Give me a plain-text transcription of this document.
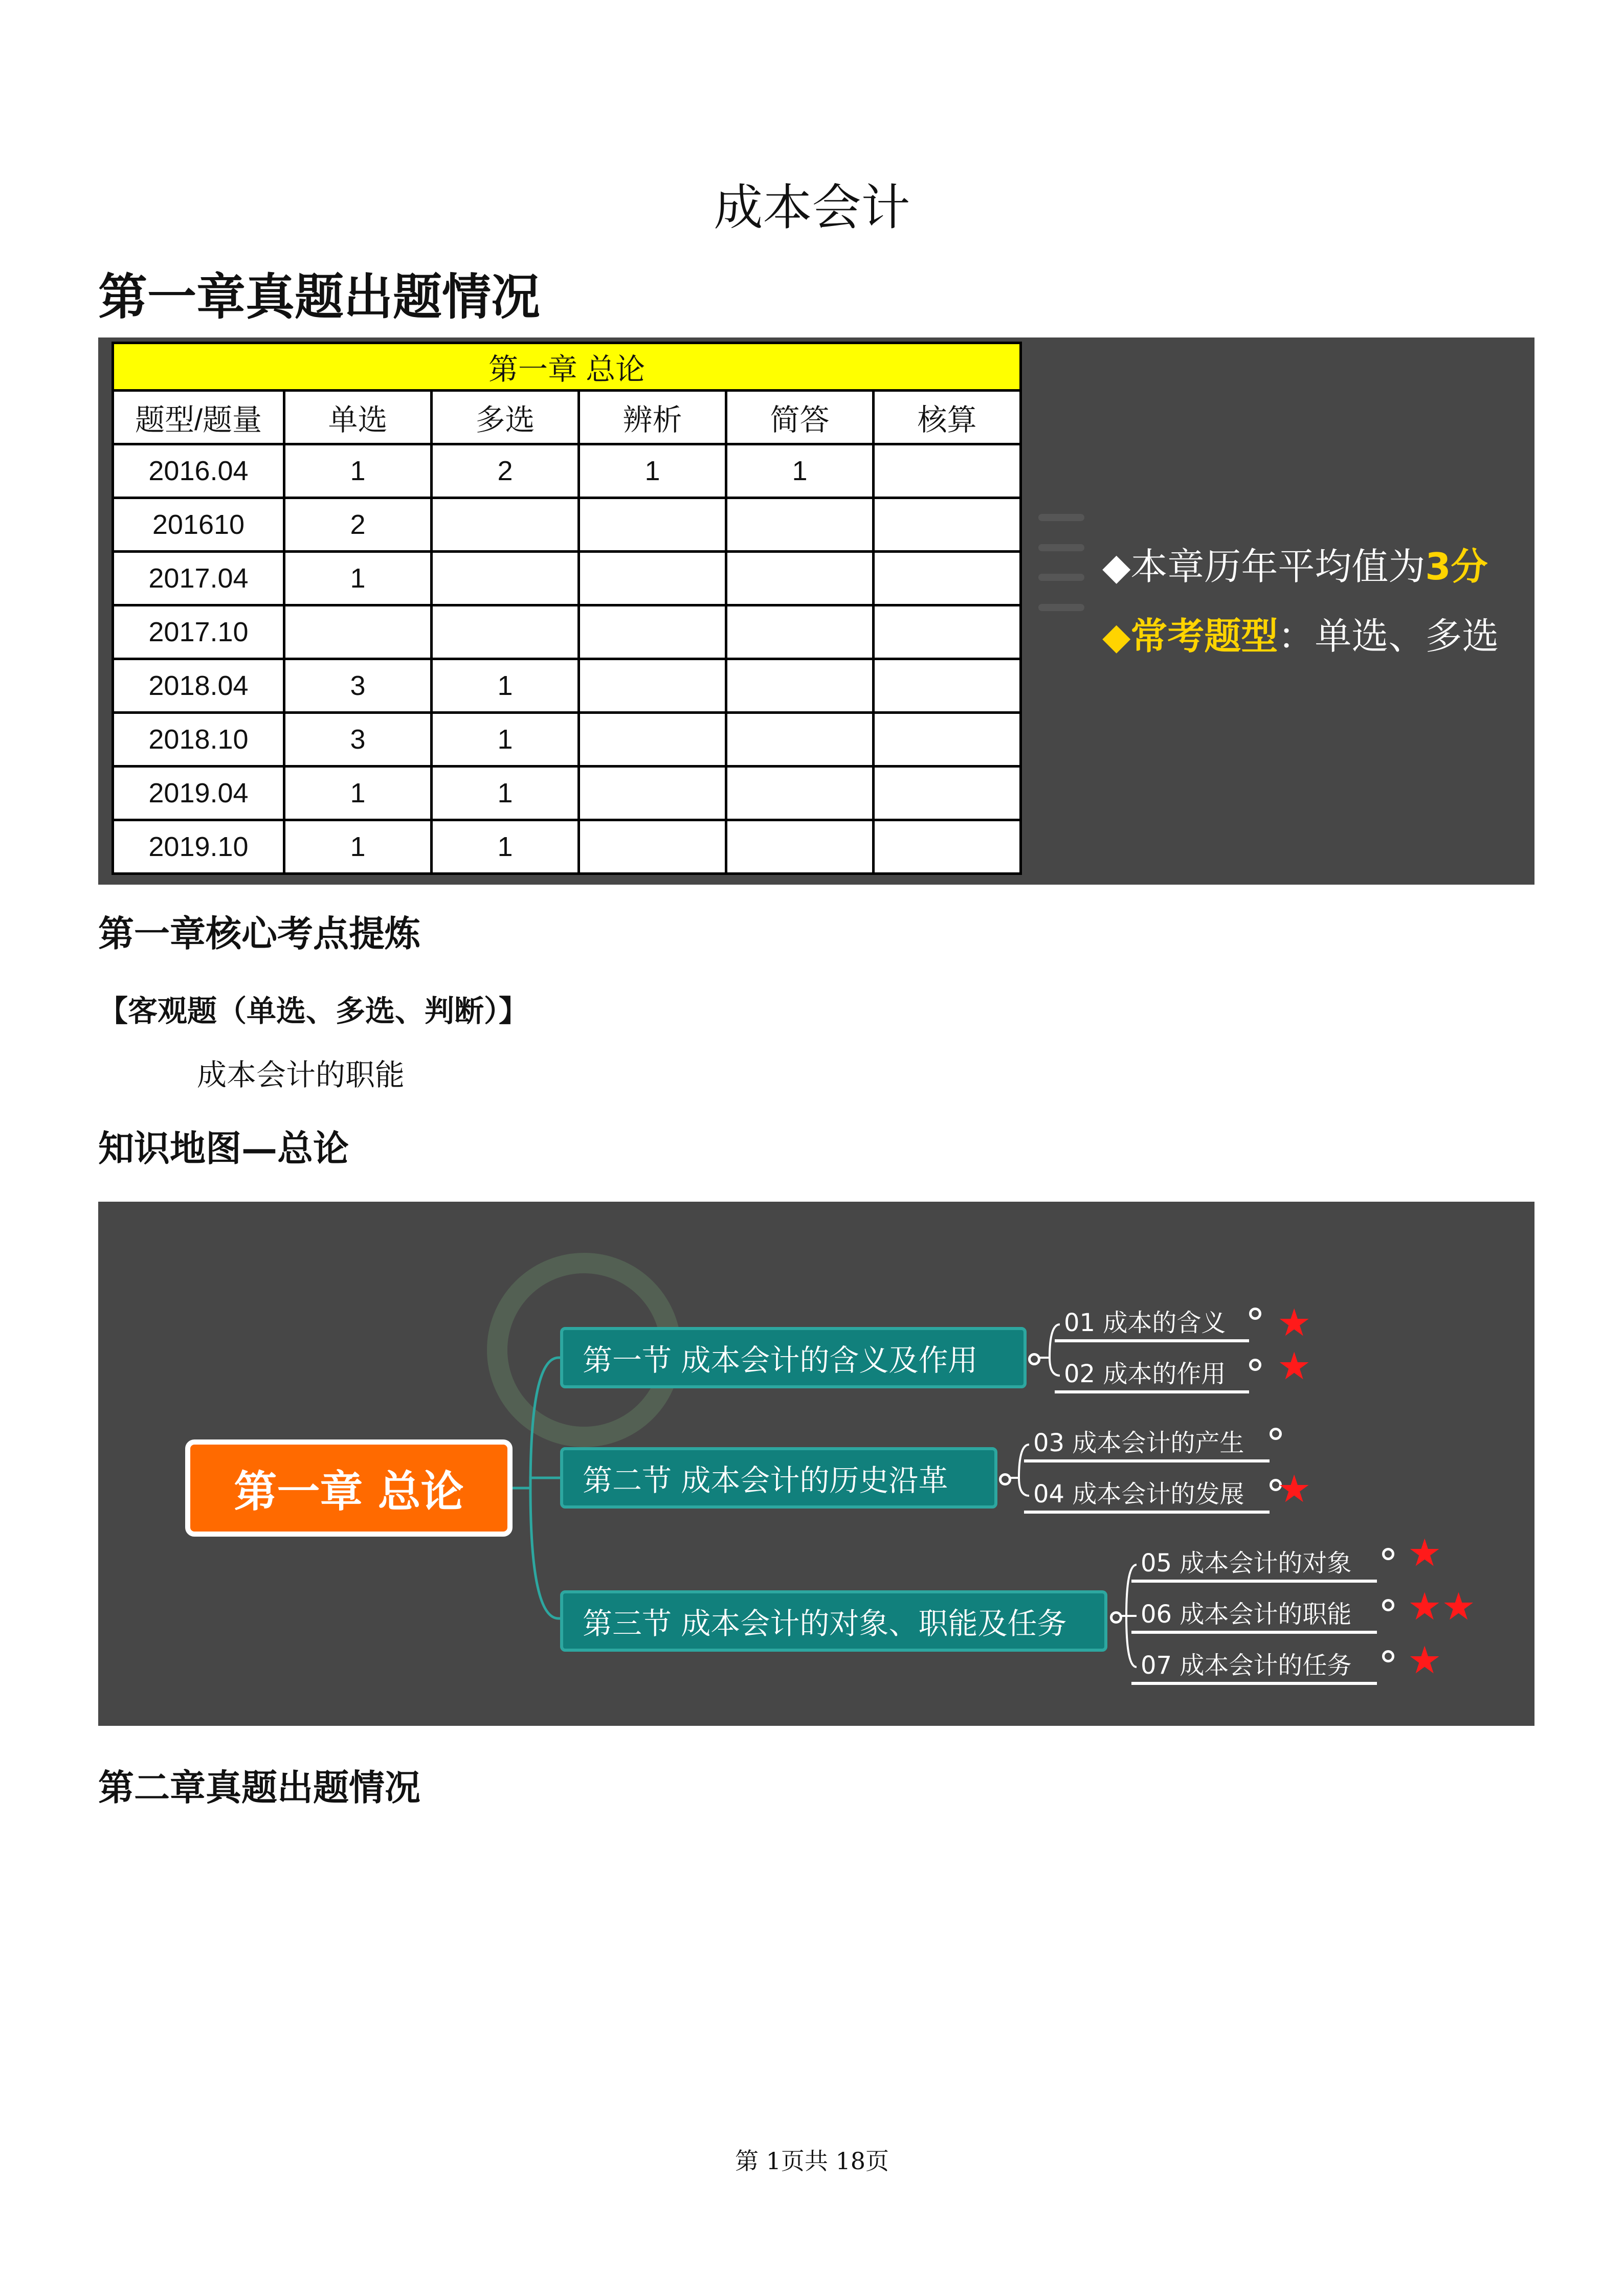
成本会计
第一章真题出题情况
第一章 总论					
题型/题量	单选	多选	辨析	简答	核算
2016.04	1	2	1	1	
201610	2				
2017.04	1				
2017.10					
2018.04	3	1			
2018.10	3	1			
2019.04	1	1			
2019.10	1	1			
◆本章历年平均值为3分
◆常考题型：单选、多选
第一章核心考点提炼
【客观题（单选、多选、判断）】
成本会计的职能
知识地图—总论
第一章 总论
第一节 成本会计的含义及作用
第二节 成本会计的历史沿革
第三节 成本会计的对象、职能及任务
01 成本的含义	★
02 成本的作用	★
03 成本会计的产生
04 成本会计的发展 ★
05 成本会计的对象	★
06 成本会计的职能	★★
07 成本会计的任务	★
第二章真题出题情况
第 1页共 18页
